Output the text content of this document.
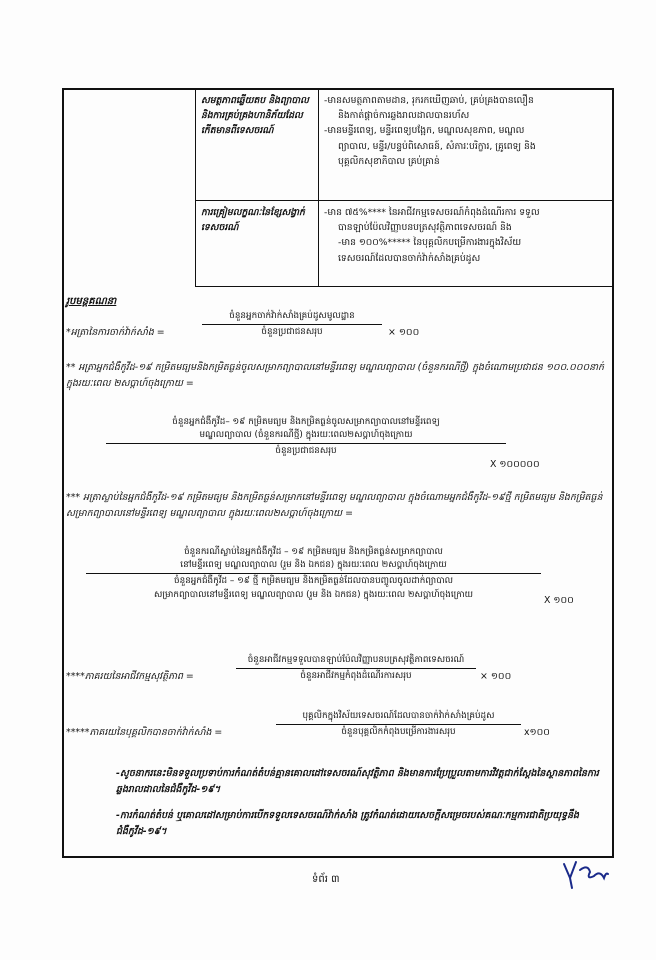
សមត្ថភាពឆ្លើយតប និងព្យាបាល និងការគ្រប់គ្រងហានិភ័យដែលកើតមានពីទេសចរណ៍	-មានសមត្ថភាពតាមដាន, រុករកឃើញឆាប់, គ្រប់គ្រងបានលឿន
និងកាត់ផ្តាច់ការឆ្លងរាលដាលបានរហ័ស
-មានមន្ទីរពេទ្យ, មន្ទីរពេទ្យបង្អែក, មណ្ឌលសុខភាព, មណ្ឌល
ព្យាបាល, មន្ទីរ/បន្ទប់ពិសោធន៍, សំភារៈបរិក្ខារ, គ្រូពេទ្យ និង
បុគ្គលិកសុខាភិបាល គ្រប់គ្រាន់

ការគ្រៀមលក្ខណៈនៃខ្សែសង្វាក់ទេសចរណ៍	-មាន ៧៥%**** នៃអាជីវកម្មទេសចរណ៍កំពុងដំណើរការ ទទួល
បានឡាប់ប៉ែលវិញ្ញាបនបត្រសុវត្ថិភាពទេសចរណ៍ និង
-មាន ១០០%***** នៃបុគ្គលិកបម្រើការងារក្នុងវិស័យ
ទេសចរណ៍ដែលបានចាក់វ៉ាក់សាំងគ្រប់ដូស
រូបមន្តគណនា
*អត្រានៃការចាក់វ៉ាក់សាំង =
ចំនួនអ្នកចាក់វ៉ាក់សាំងគ្រប់ដូសមូលដ្ឋាន
ចំនួនប្រជាជនសរុប	× ១០០
** អត្រាអ្នកជំងឺកូវីដ-១៩ កម្រិតមធ្យមនិងកម្រិតធ្ងន់ចូលសម្រាកព្យាបាលនៅមន្ទីរពេទ្យ មណ្ឌលព្យាបាល (ចំនួនករណីថ្មី) ក្នុងចំណោមប្រជាជន ១០០.០០០នាក់ ក្នុងរយៈពេល ២សប្តាហ៍ចុងក្រោយ =
ចំនួនអ្នកជំងឺកូវីដ– ១៩ កម្រិតមធ្យម និងកម្រិតធ្ងន់ចូលសម្រាកព្យាបាលនៅមន្ទីរពេទ្យ
មណ្ឌលព្យាបាល (ចំនួនករណីថ្មី) ក្នុងរយៈពេល២សប្តាហ៍ចុងក្រោយ
ចំនួនប្រជាជនសរុប
X ១០០០០០
*** អត្រាស្លាប់នៃអ្នកជំងឺកូវីដ-១៩ កម្រិតមធ្យម និងកម្រិតធ្ងន់សម្រាកនៅមន្ទីរពេទ្យ មណ្ឌលព្យាបាល ក្នុងចំណោមអ្នកជំងឺកូវីដ-១៩ថ្មី កម្រិតមធ្យម និងកម្រិតធ្ងន់សម្រាកព្យាបាលនៅមន្ទីរពេទ្យ មណ្ឌលព្យាបាល ក្នុងរយៈពេល២សប្តាហ៍ចុងក្រោយ =
ចំនួនករណីស្លាប់នៃអ្នកជំងឺកូវីដ – ១៩ កម្រិតមធ្យម និងកម្រិតធ្ងន់សម្រាកព្យាបាល
នៅមន្ទីរពេទ្យ មណ្ឌលព្យាបាល (រួម និង ឯកជន) ក្នុងរយៈពេល ២សប្តាហ៍ចុងក្រោយ
ចំនួនអ្នកជំងឺកូវីដ – ១៩ ថ្មី កម្រិតមធ្យម និងកម្រិតធ្ងន់ដែលបានបញ្ចូលចូលដាក់ព្យាបាល
សម្រាកព្យាបាលនៅមន្ទីរពេទ្យ មណ្ឌលព្យាបាល (រួម និង ឯកជន) ក្នុងរយៈពេល ២សប្តាហ៍ចុងក្រោយ
X ១០០
****ភាគរយនៃអាជីវកម្មសុវត្ថិភាព =
ចំនួនអាជីវកម្មទទួលបានឡាប់ប៉ែលវិញ្ញាបនបត្រសុវត្ថិភាពទេសចរណ៍
ចំនួនអាជីវកម្មកំពុងដំណើរការសរុប	× ១០០
*****ភាគរយនៃបុគ្គលិកបានចាក់វ៉ាក់សាំង =
បុគ្គលិកក្នុងវិស័យទេសចរណ៍ដែលបានចាក់វ៉ាក់សាំងគ្រប់ដូស
ចំនួនបុគ្គលិកកំពុងបម្រើការងារសរុប	x១០០
-សូចនាករនេះមិនទទួលប្រទាប់ការកំណត់តំបន់គ្មានគោលដៅទេសចរណ៍សុវត្ថិភាព និងមានការប្រែប្រួលតាមការវិវត្តជាក់ស្តែងនៃស្ថានភាពនៃការឆ្លងរាលដាលនៃជំងឺកូវីដ-១៩។
-ការកំណត់តំបន់ ឬគោលដៅសម្រាប់ការបើកទទួលទេសចរណ៍វ៉ាក់សាំង ត្រូវកំណត់ដោយសេចក្តីសម្រេចរបស់គណៈកម្មការជាតិប្រយុទ្ធនឹងជំងឺកូវីដ-១៩។
ទំព័រ ៣
